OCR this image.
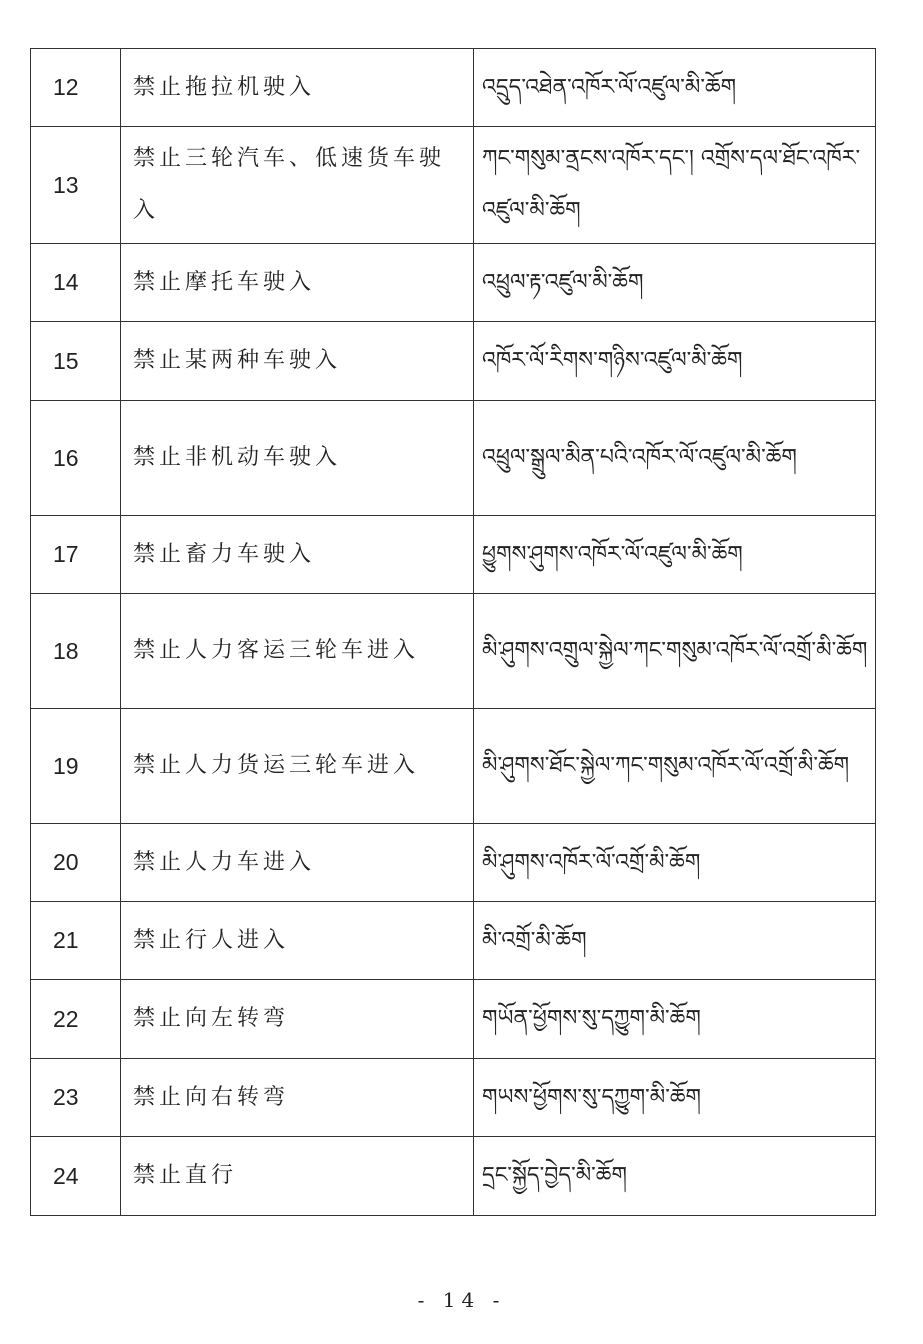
12	禁止拖拉机驶入	འདྲུད་འཐེན་འཁོར་ལོ་འཛུལ་མི་ཆོག
13	禁止三轮汽车、低速货车驶入	ཀང་གསུམ་ནྲངས་འཁོར་དང་། འགྲོས་དལ་ཐོང་འཁོར་འཛུལ་མི་ཆོག
14	禁止摩托车驶入	འཕྲུལ་རྟ་འཛུལ་མི་ཆོག
15	禁止某两种车驶入	འཁོར་ལོ་རིགས་གཉིས་འཛུལ་མི་ཆོག
16	禁止非机动车驶入	འཕྲུལ་སྒྲུལ་མིན་པའི་འཁོར་ལོ་འཛུལ་མི་ཆོག
17	禁止畜力车驶入	ཕྱུགས་ཤུགས་འཁོར་ལོ་འཛུལ་མི་ཆོག
18	禁止人力客运三轮车进入	མི་ཤུགས་འགྲུལ་སྐྱེལ་ཀང་གསུམ་འཁོར་ལོ་འགྲོ་མི་ཆོག
19	禁止人力货运三轮车进入	མི་ཤུགས་ཐོང་སྐྱེལ་ཀང་གསུམ་འཁོར་ལོ་འགྲོ་མི་ཆོག
20	禁止人力车进入	མི་ཤུགས་འཁོར་ལོ་འགྲོ་མི་ཆོག
21	禁止行人进入	མི་འགྲོ་མི་ཆོག
22	禁止向左转弯	གཡོན་ཕྱོགས་སུ་དཀྱུག་མི་ཆོག
23	禁止向右转弯	གཡས་ཕྱོགས་སུ་དཀྱུག་མི་ཆོག
24	禁止直行	དྲང་སྐྱོད་བྱེད་མི་ཆོག
- 14 -
